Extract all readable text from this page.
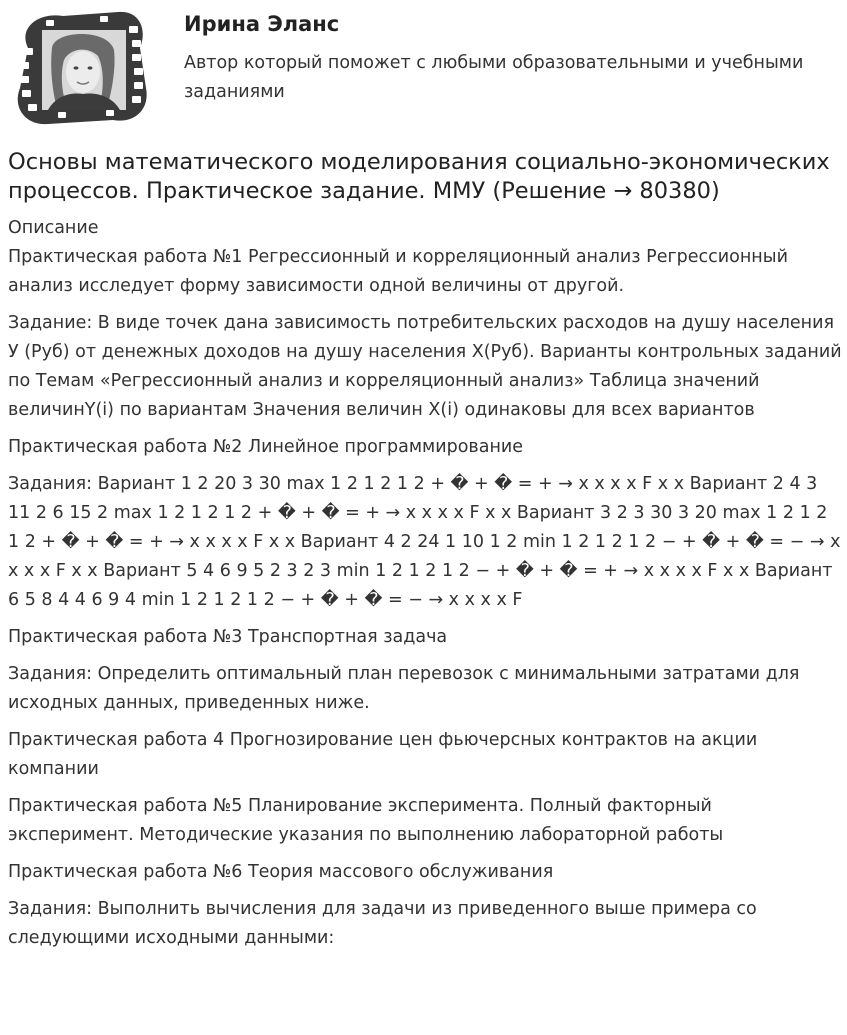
Ирина Эланс
Автор который поможет с любыми образовательными и учебными заданиями
Основы математического моделирования социально-экономических процессов. Практическое задание. ММУ (Решение → 80380)
Описание

Практическая работа №1 Регрессионный и корреляционный анализ Регрессионный анализ исследует форму зависимости одной величины от другой.

Задание: В виде точек дана зависимость потребительских расходов на душу населения У (Руб) от денежных доходов на душу населения Х(Руб). Варианты контрольных заданий по Темам «Регрессионный анализ и корреляционный анализ» Таблица значений величинY(i) по вариантам Значения величин X(i) одинаковы для всех вариантов

Практическая работа №2 Линейное программирование

Задания: Вариант 1 2 20 3 30 max 1 2 1 2 1 2 + � + � = + → x x x x F x x Вариант 2 4 3 11 2 6 15 2 max 1 2 1 2 1 2 + � + � = + → x x x x F x x Вариант 3 2 3 30 3 20 max 1 2 1 2 1 2 + � + � = + → x x x x F x x Вариант 4 2 24 1 10 1 2 min 1 2 1 2 1 2 − + � + � = − → x x x x F x x Вариант 5 4 6 9 5 2 3 2 3 min 1 2 1 2 1 2 − + � + � = + → x x x x F x x Вариант 6 5 8 4 4 6 9 4 min 1 2 1 2 1 2 − + � + � = − → x x x x F

Практическая работа №3 Транспортная задача

Задания: Определить оптимальный план перевозок с минимальными затратами для исходных данных, приведенных ниже.

Практическая работа 4 Прогнозирование цен фьючерсных контрактов на акции компании

Практическая работа №5 Планирование эксперимента. Полный факторный эксперимент. Методические указания по выполнению лабораторной работы

Практическая работа №6 Теория массового обслуживания

Задания: Выполнить вычисления для задачи из приведенного выше примера со следующими исходными данными:
